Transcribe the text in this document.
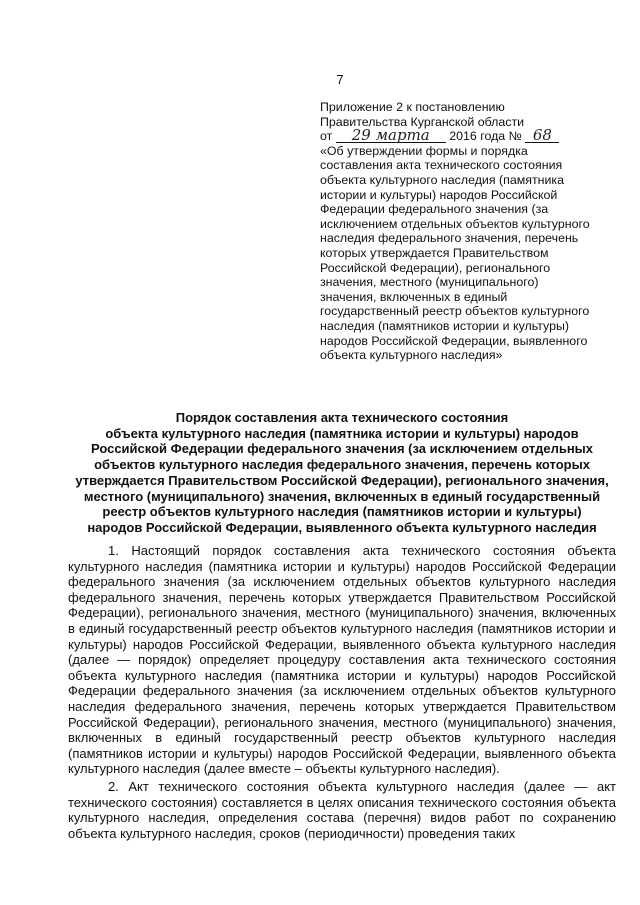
7
Приложение 2 к постановлению
Правительства Курганской области
от 29 марта 2016 года № 68
«Об утверждении формы и порядка
составления акта технического состояния
объекта культурного наследия (памятника
истории и культуры) народов Российской
Федерации федерального значения (за
исключением отдельных объектов культурного
наследия федерального значения, перечень
которых утверждается Правительством
Российской Федерации), регионального
значения, местного (муниципального)
значения, включенных в единый
государственный реестр объектов культурного
наследия (памятников истории и культуры)
народов Российской Федерации, выявленного
объекта культурного наследия»
Порядок составления акта технического состояния
объекта культурного наследия (памятника истории и культуры) народов
Российской Федерации федерального значения (за исключением отдельных
объектов культурного наследия федерального значения, перечень которых
утверждается Правительством Российской Федерации), регионального значения,
местного (муниципального) значения, включенных в единый государственный
реестр объектов культурного наследия (памятников истории и культуры)
народов Российской Федерации, выявленного объекта культурного наследия

1. Настоящий порядок составления акта технического состояния объекта культурного наследия (памятника истории и культуры) народов Российской Федерации федерального значения (за исключением отдельных объектов культурного наследия федерального значения, перечень которых утверждается Правительством Российской Федерации), регионального значения, местного (муниципального) значения, включенных в единый государственный реестр объектов культурного наследия (памятников истории и культуры) народов Российской Федерации, выявленного объекта культурного наследия (далее — порядок) определяет процедуру составления акта технического состояния объекта культурного наследия (памятника истории и культуры) народов Российской Федерации федерального значения (за исключением отдельных объектов культурного наследия федерального значения, перечень которых утверждается Правительством Российской Федерации), регионального значения, местного (муниципального) значения, включенных в единый государственный реестр объектов культурного наследия (памятников истории и культуры) народов Российской Федерации, выявленного объекта культурного наследия (далее вместе – объекты культурного наследия).

2. Акт технического состояния объекта культурного наследия (далее — акт технического состояния) составляется в целях описания технического состояния объекта культурного наследия, определения состава (перечня) видов работ по сохранению объекта культурного наследия, сроков (периодичности) проведения таких
